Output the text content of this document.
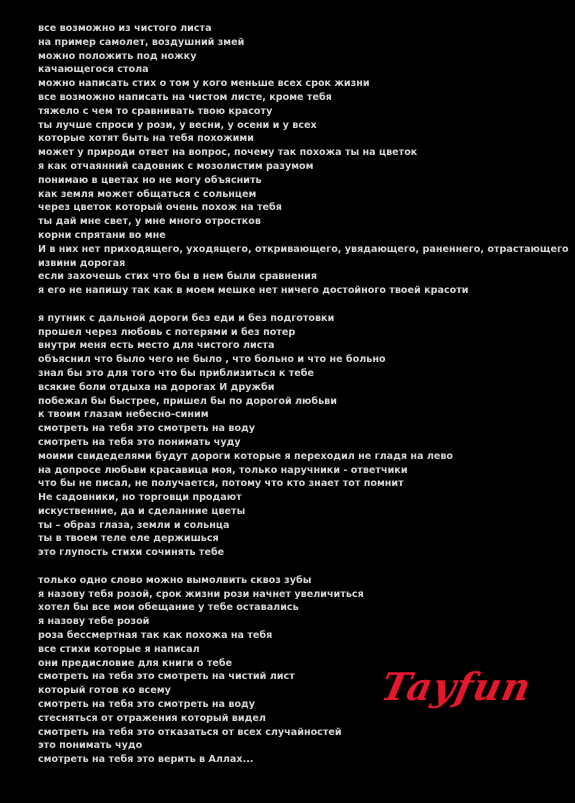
все возможно из чистого листа
на пример самолет, воздушний змей
можно положить под ножку
качающегося стола
можно написать стих о том у кого меньше всех срок жизни
все возможно написать на чистом листе, кроме тебя
тяжело с чем то сравнивать твою красоту
ты лучше спроси у рози, у весни, у осени и у всех
которые хотят быть на тебя похожими
может у природи ответ на вопрос, почему так похожа ты на цветок
я как отчаянний садовник с мозолистим разумом
понимаю в цветах но не могу объяснить
как земля может общаться с сольнцем
через цветок который очень похож на тебя
ты дай мне свет, у мне много отростков
корни спрятани во мне
И в них нет приходящего, уходящего, откривающего, увядающего, раненнего, отрастающего
извини дорогая
если захочешь стих что бы в нем были сравнения
я его не напишу так как в моем мешке нет ничего достойного твоей красоти
я путник с дальной дороги без еди и без подготовки
прошел через любовь с потерями и без потер
внутри меня есть место для чистого листа
объяснил что было чего не было , что больно и что не больно
знал бы это для того что бы приблизиться к тебе
всякие боли отдыха на дорогах И дружби
побежал бы быстрее, пришел бы по дорогой любьви
к твоим глазам небесно-синим
смотреть на тебя это смотреть на воду
смотреть на тебя это понимать чуду
моими свидеделями будут дороги которые я переходил не гладя на лево
на допросе любьви красавица моя, только наручники - ответчики
что бы не писал, не получается, потому что кто знает тот помнит
Не садовники, но торговци продают
искуственние, да и сделанние цветы
ты – образ глаза, земли и сольнца
ты в твоем теле еле держишься
это глупость стихи сочинять тебе
только одно слово можно вымолвить сквоз зубы
я назову тебя розой, срок жизни рози начнет увеличиться
хотел бы все мои обещание у тебе оставались
я назову тебе розой
роза бессмертная так как похожа на тебя
все стихи которые я написал
они предисловие для книги о тебе
смотреть на тебя это смотреть на чистий лист
который готов ко всему
смотреть на тебя это смотреть на воду
стесняться от отражения который видел
смотреть на тебя это отказаться от всех случайностей
это понимать чудо
смотреть на тебя это верить в Аллах...
Tayfun
